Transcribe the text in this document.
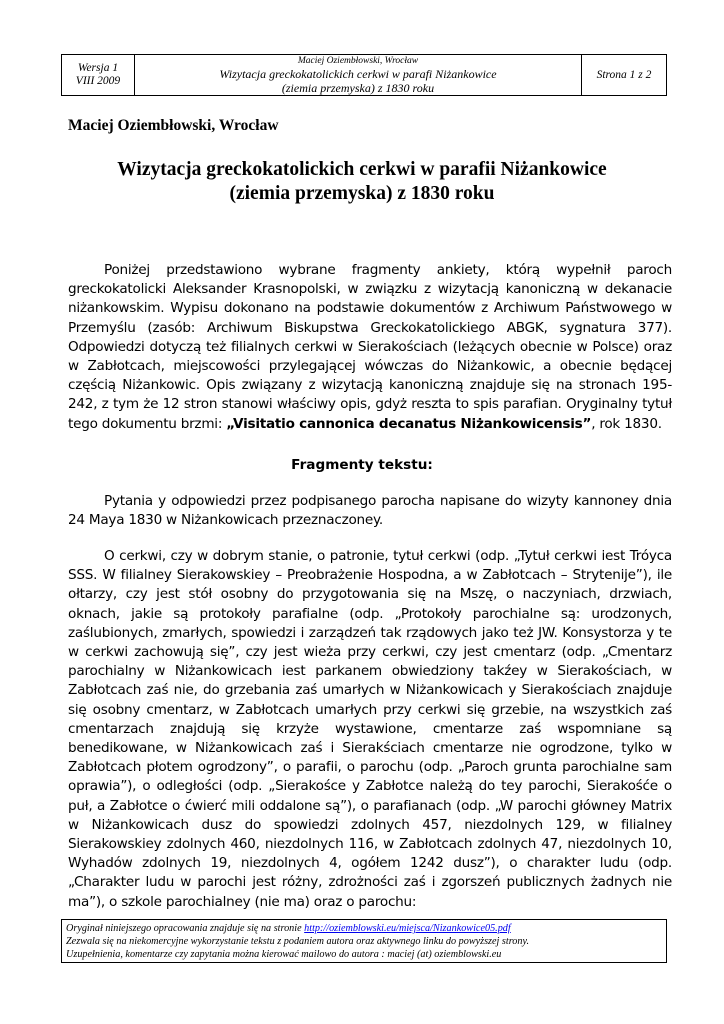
Wersja 1
VIII 2009	
Maciej Oziembłowski, Wrocław
Wizytacja greckokatolickich cerkwi w parafi Niżankowice
(ziemia przemyska) z 1830 roku
	Strona 1 z 2
Maciej Oziembłowski, Wrocław
Wizytacja greckokatolickich cerkwi w parafii Niżankowice
(ziemia przemyska) z 1830 roku

Poniżej przedstawiono wybrane fragmenty ankiety, którą wypełnił paroch greckokatolicki Aleksander Krasnopolski, w związku z wizytacją kanoniczną w dekanacie niżankowskim. Wypisu dokonano na podstawie dokumentów z Archiwum Państwowego w Przemyślu (zasób: Archiwum Biskupstwa Greckokatolickiego ABGK, sygnatura 377). Odpowiedzi dotyczą też filialnych cerkwi w Sierakościach (leżących obecnie w Polsce) oraz w Zabłotcach, miejscowości przylegającej wówczas do Niżankowic, a obecnie będącej częścią Niżankowic. Opis związany z wizytacją kanoniczną znajduje się na stronach 195-242, z tym że 12 stron stanowi właściwy opis, gdyż reszta to spis parafian. Oryginalny tytuł tego dokumentu brzmi: „Visitatio cannonica decanatus Niżankowicensis”, rok 1830.

Fragmenty tekstu:

Pytania y odpowiedzi przez podpisanego parocha napisane do wizyty kannoney dnia 24 Maya 1830 w Niżankowicach przeznaczoney.

O cerkwi, czy w dobrym stanie, o patronie, tytuł cerkwi (odp. „Tytuł cerkwi iest Tróyca SSS. W filialney Sierakowskiey – Preobrażenie Hospodna, a w Zabłotcach – Strytenije”), ile ołtarzy, czy jest stół osobny do przygotowania się na Mszę, o naczyniach, drzwiach, oknach, jakie są protokoły parafialne (odp. „Protokoły parochialne są: urodzonych, zaślubionych, zmarłych, spowiedzi i zarządzeń tak rządowych jako też JW. Konsystorza y te w cerkwi zachowują się”, czy jest wieża przy cerkwi, czy jest cmentarz (odp. „Cmentarz parochialny w Niżankowicach iest parkanem obwiedziony takźey w Sierakościach, w Zabłotcach zaś nie, do grzebania zaś umarłych w Niżankowicach y Sierakościach znajduje się osobny cmentarz, w Zabłotcach umarłych przy cerkwi się grzebie, na wszystkich zaś cmentarzach znajdują się krzyże wystawione, cmentarze zaś wspomniane są benedikowane, w Niżankowicach zaś i Sierakściach cmentarze nie ogrodzone, tylko w Zabłotcach płotem ogrodzony”, o parafii, o parochu (odp. „Paroch grunta parochialne sam oprawia”), o odległości (odp. „Sierakośce y Zabłotce należą do tey parochi, Sierakośće o puł, a Zabłotce o ćwierć mili oddalone są”), o parafianach (odp. „W parochi główney Matrix w Niżankowicach dusz do spowiedzi zdolnych 457, niezdolnych 129, w filialney Sierakowskiey zdolnych 460, niezdolnych 116, w Zabłotcach zdolnych 47, niezdolnych 10, Wyhadów zdolnych 19, niezdolnych 4, ogółem 1242 dusz”), o charakter ludu (odp. „Charakter ludu w parochi jest różny, zdrożności zaś i zgorszeń publicznych żadnych nie ma”), o szkole parochialney (nie ma) oraz o parochu:

Oryginał niniejszego opracowania znajduje się na stronie http://oziemblowski.eu/miejsca/Nizankowice05.pdf
Zezwala się na niekomercyjne wykorzystanie tekstu z podaniem autora oraz aktywnego linku do powyższej strony.
Uzupełnienia, komentarze czy zapytania można kierować mailowo do autora : maciej (at) oziemblowski.eu
